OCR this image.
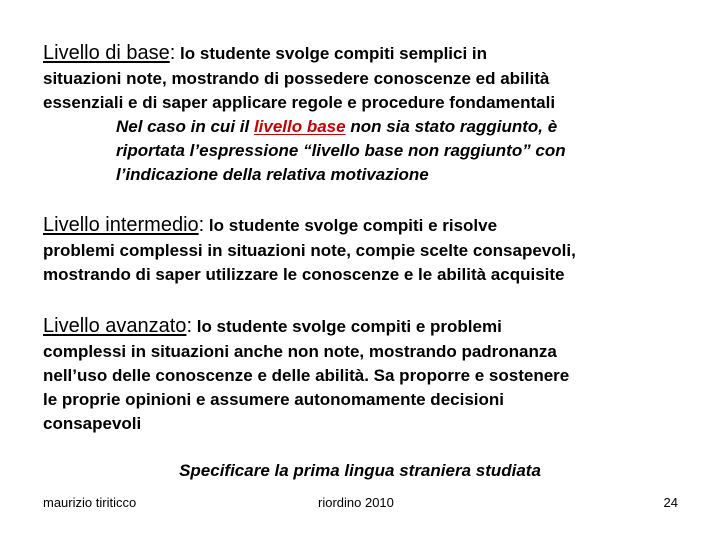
Livello di base: lo studente svolge compiti semplici in
situazioni note, mostrando di possedere conoscenze ed abilità
essenziali e di saper applicare regole e procedure fondamentali
Nel caso in cui il livello base non sia stato raggiunto, è
riportata l’espressione “livello base non raggiunto” con
l’indicazione della relativa motivazione
Livello intermedio: lo studente svolge compiti e risolve
problemi complessi in situazioni note, compie scelte consapevoli,
mostrando di saper utilizzare le conoscenze e le abilità acquisite
Livello avanzato: lo studente svolge compiti e problemi
complessi in situazioni anche non note, mostrando padronanza
nell’uso delle conoscenze e delle abilità. Sa proporre e sostenere
le proprie opinioni e assumere autonomamente decisioni
consapevoli
Specificare la prima lingua straniera studiata
maurizio tiriticco	riordino 2010	24
